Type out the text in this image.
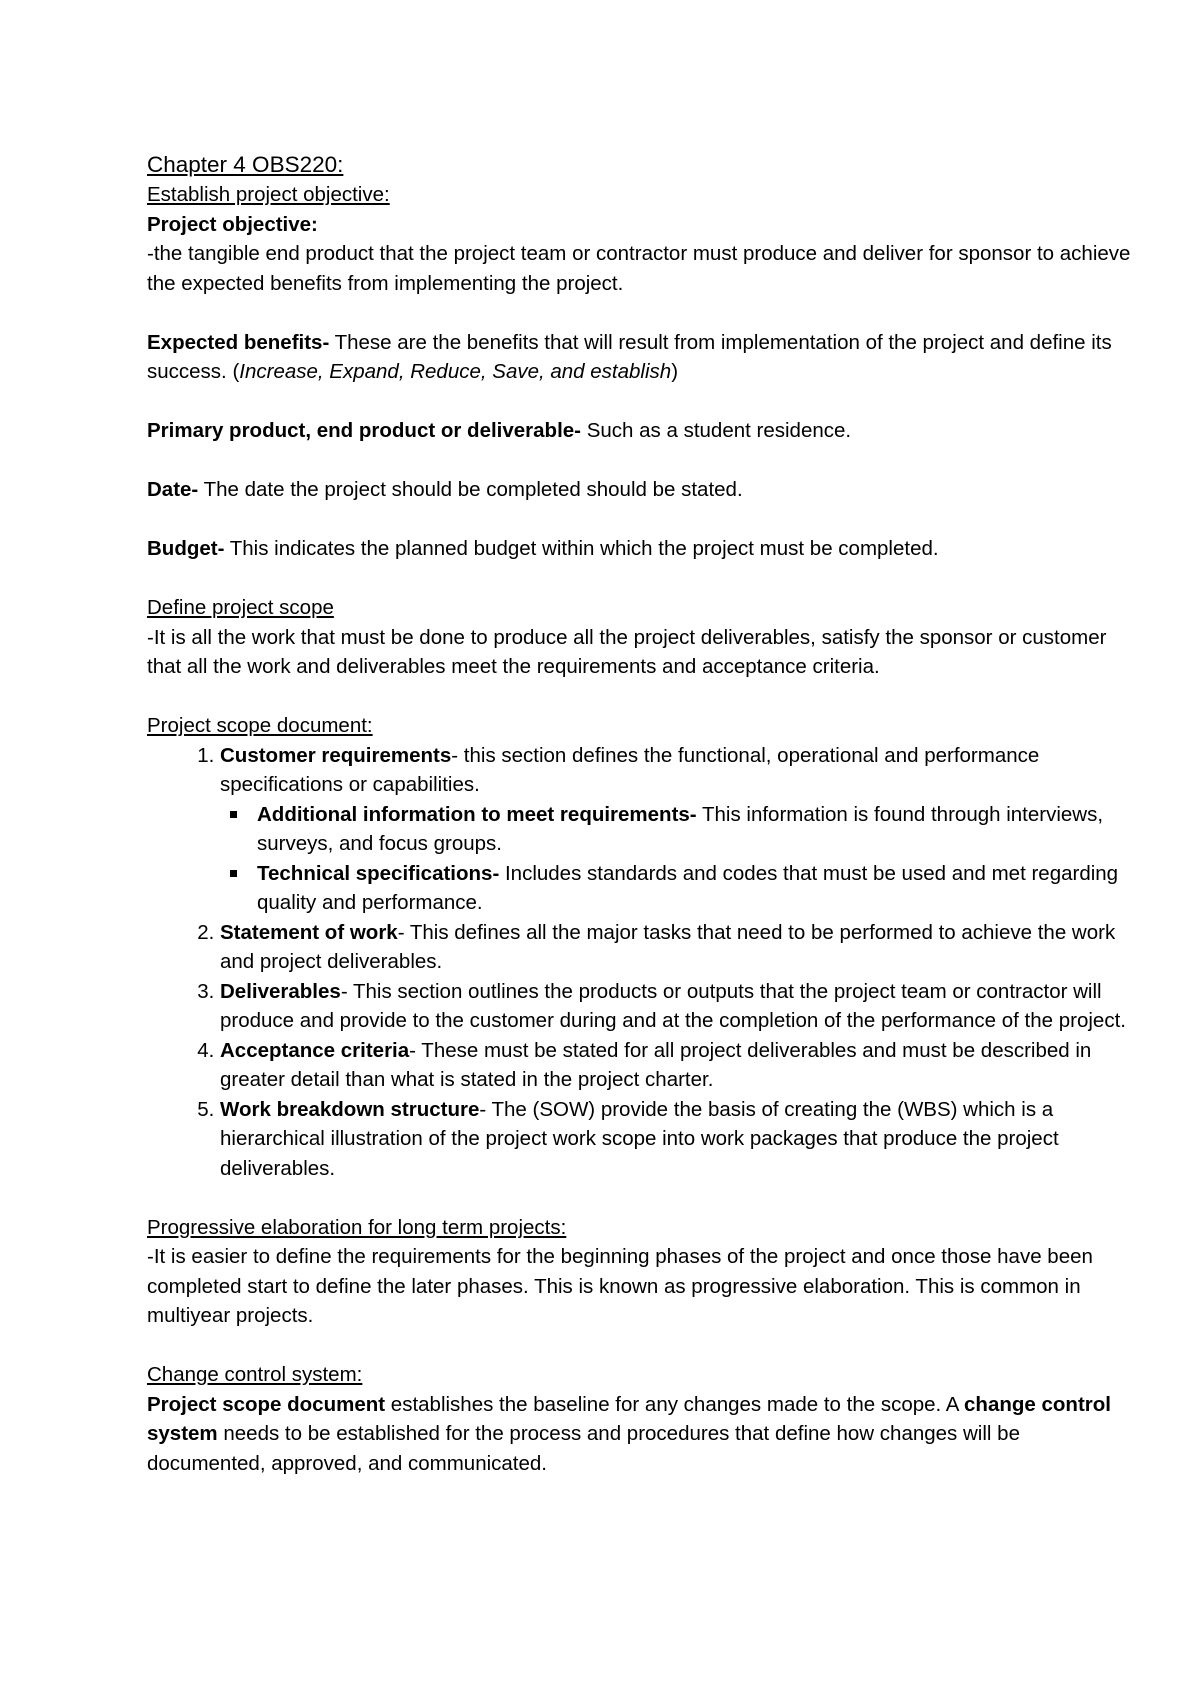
Chapter 4 OBS220:

Establish project objective:

Project objective:

-the tangible end product that the project team or contractor must produce and deliver for sponsor to achieve the expected benefits from implementing the project.

Expected benefits- These are the benefits that will result from implementation of the project and define its success. (Increase, Expand, Reduce, Save, and establish)

Primary product, end product or deliverable- Such as a student residence.

Date- The date the project should be completed should be stated.

Budget- This indicates the planned budget within which the project must be completed.

Define project scope

-It is all the work that must be done to produce all the project deliverables, satisfy the sponsor or customer that all the work and deliverables meet the requirements and acceptance criteria.

Project scope document:

1. Customer requirements- this section defines the functional, operational and performance specifications or capabilities.
Additional information to meet requirements- This information is found through interviews, surveys, and focus groups.
Technical specifications- Includes standards and codes that must be used and met regarding quality and performance.
2. Statement of work- This defines all the major tasks that need to be performed to achieve the work and project deliverables.
3. Deliverables- This section outlines the products or outputs that the project team or contractor will produce and provide to the customer during and at the completion of the performance of the project.
4. Acceptance criteria- These must be stated for all project deliverables and must be described in greater detail than what is stated in the project charter.
5. Work breakdown structure- The (SOW) provide the basis of creating the (WBS) which is a hierarchical illustration of the project work scope into work packages that produce the project deliverables.

Progressive elaboration for long term projects:

-It is easier to define the requirements for the beginning phases of the project and once those have been completed start to define the later phases. This is known as progressive elaboration. This is common in multiyear projects.

Change control system:

Project scope document establishes the baseline for any changes made to the scope. A change control system needs to be established for the process and procedures that define how changes will be documented, approved, and communicated.
